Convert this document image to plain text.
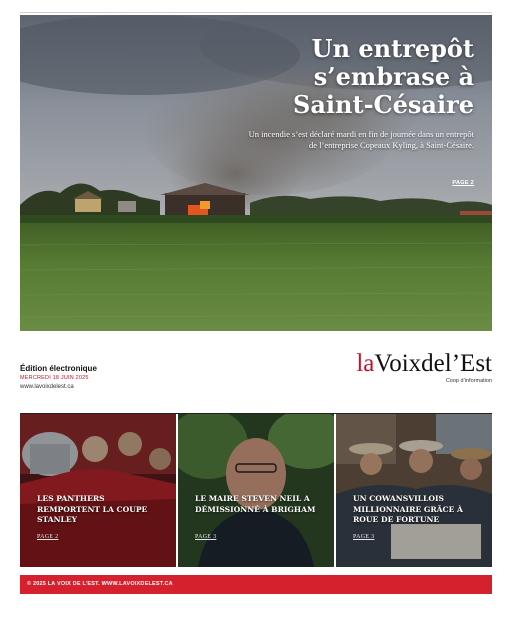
Un entrepôt
s’embrase à
Saint-Césaire
Un incendie s’est déclaré mardi en fin de journée dans un entrepôt de l’entreprise Copeaux Kyling, à Saint-Césaire.
PAGE 2
Édition électronique
MERCREDI 18 JUIN 2025
www.lavoixdelest.ca
laVoixdel’Est
Coop d’information
LES PANTHERS REMPORTENT LA COUPE STANLEY
PAGE 2
LE MAIRE STEVEN NEIL A DÉMISSIONNÉ À BRIGHAM
PAGE 3
UN COWANSVILLOIS MILLIONNAIRE GRÂCE À ROUE DE FORTUNE
PAGE 3
© 2025 LA VOIX DE L’EST. WWW.LAVOIXDELEST.CA
